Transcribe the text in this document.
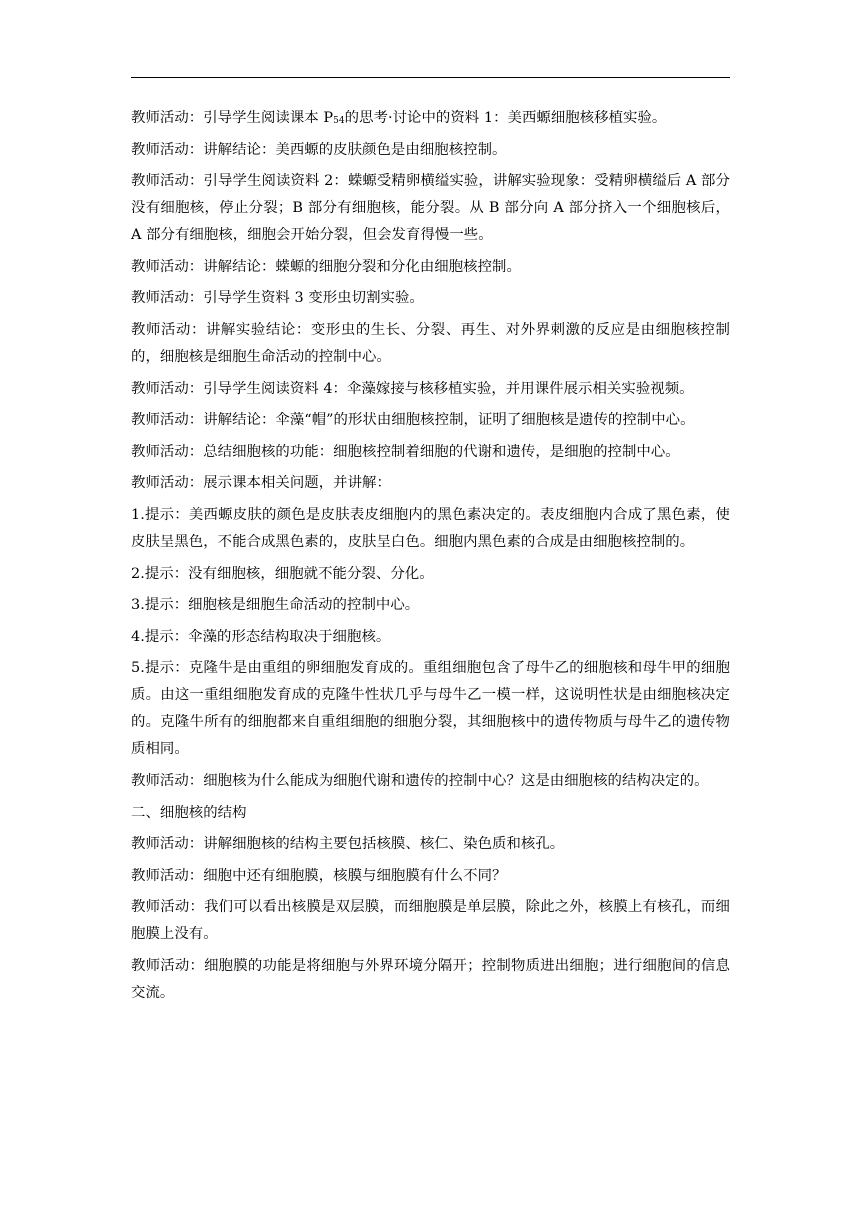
教师活动：引导学生阅读课本 $P_{54}$的思考·讨论中的资料 1：美西螈细胞核移植实验。

教师活动：讲解结论：美西螈的皮肤颜色是由细胞核控制。

教师活动：引导学生阅读资料 2：蝾螈受精卵横缢实验，讲解实验现象：受精卵横缢后 A 部分没有细胞核，停止分裂；B 部分有细胞核，能分裂。从 B 部分向 A 部分挤入一个细胞核后，A 部分有细胞核，细胞会开始分裂，但会发育得慢一些。

教师活动：讲解结论：蝾螈的细胞分裂和分化由细胞核控制。

教师活动：引导学生资料 3 变形虫切割实验。

教师活动：讲解实验结论：变形虫的生长、分裂、再生、对外界刺激的反应是由细胞核控制的，细胞核是细胞生命活动的控制中心。

教师活动：引导学生阅读资料 4：伞藻嫁接与核移植实验，并用课件展示相关实验视频。

教师活动：讲解结论：伞藻“帽”的形状由细胞核控制，证明了细胞核是遗传的控制中心。

教师活动：总结细胞核的功能：细胞核控制着细胞的代谢和遗传，是细胞的控制中心。

教师活动：展示课本相关问题，并讲解：

1.提示：美西螈皮肤的颜色是皮肤表皮细胞内的黑色素决定的。表皮细胞内合成了黑色素，使皮肤呈黑色，不能合成黑色素的，皮肤呈白色。细胞内黑色素的合成是由细胞核控制的。

2.提示：没有细胞核，细胞就不能分裂、分化。

3.提示：细胞核是细胞生命活动的控制中心。

4.提示：伞藻的形态结构取决于细胞核。

5.提示：克隆牛是由重组的卵细胞发育成的。重组细胞包含了母牛乙的细胞核和母牛甲的细胞质。由这一重组细胞发育成的克隆牛性状几乎与母牛乙一模一样，这说明性状是由细胞核决定的。克隆牛所有的细胞都来自重组细胞的细胞分裂，其细胞核中的遗传物质与母牛乙的遗传物质相同。

教师活动：细胞核为什么能成为细胞代谢和遗传的控制中心？这是由细胞核的结构决定的。

二、细胞核的结构

教师活动：讲解细胞核的结构主要包括核膜、核仁、染色质和核孔。

教师活动：细胞中还有细胞膜，核膜与细胞膜有什么不同？

教师活动：我们可以看出核膜是双层膜，而细胞膜是单层膜，除此之外，核膜上有核孔，而细胞膜上没有。

教师活动：细胞膜的功能是将细胞与外界环境分隔开；控制物质进出细胞；进行细胞间的信息交流。
